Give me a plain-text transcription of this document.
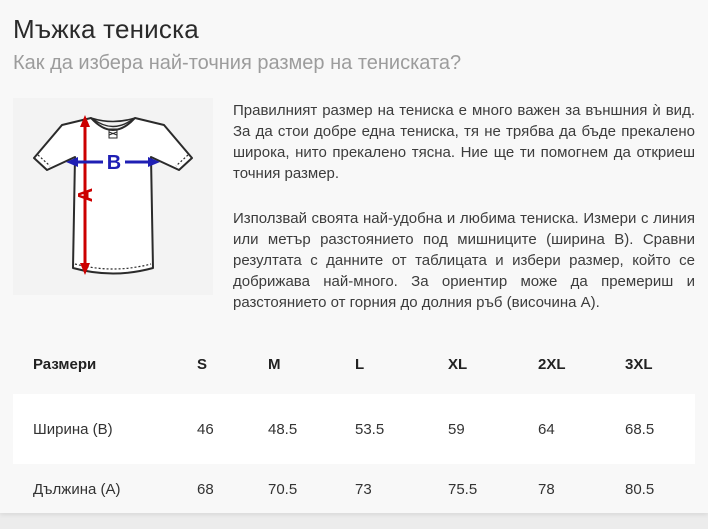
Мъжка тениска
Как да избера най-точния размер на тениската?
A
B

Правилният размер на тениска е много важен за външния ѝ вид. За да стои добре една тениска, тя не трябва да бъде прекалено широка, нито прекалено тясна. Ние ще ти помогнем да откриеш точния размер.

Използвай своята най-удобна и любима тениска. Измери с линия или метър разстоянието под мишниците (ширина B). Сравни резултата с данните от таблицата и избери размер, който се добрижава най-много. За ориентир може да премериш и разстоянието от горния до долния ръб (височина A).

Размери	S	M	L	XL	2XL	3XL
Ширина (B)	46	48.5	53.5	59	64	68.5
Дължина (A)	68	70.5	73	75.5	78	80.5
